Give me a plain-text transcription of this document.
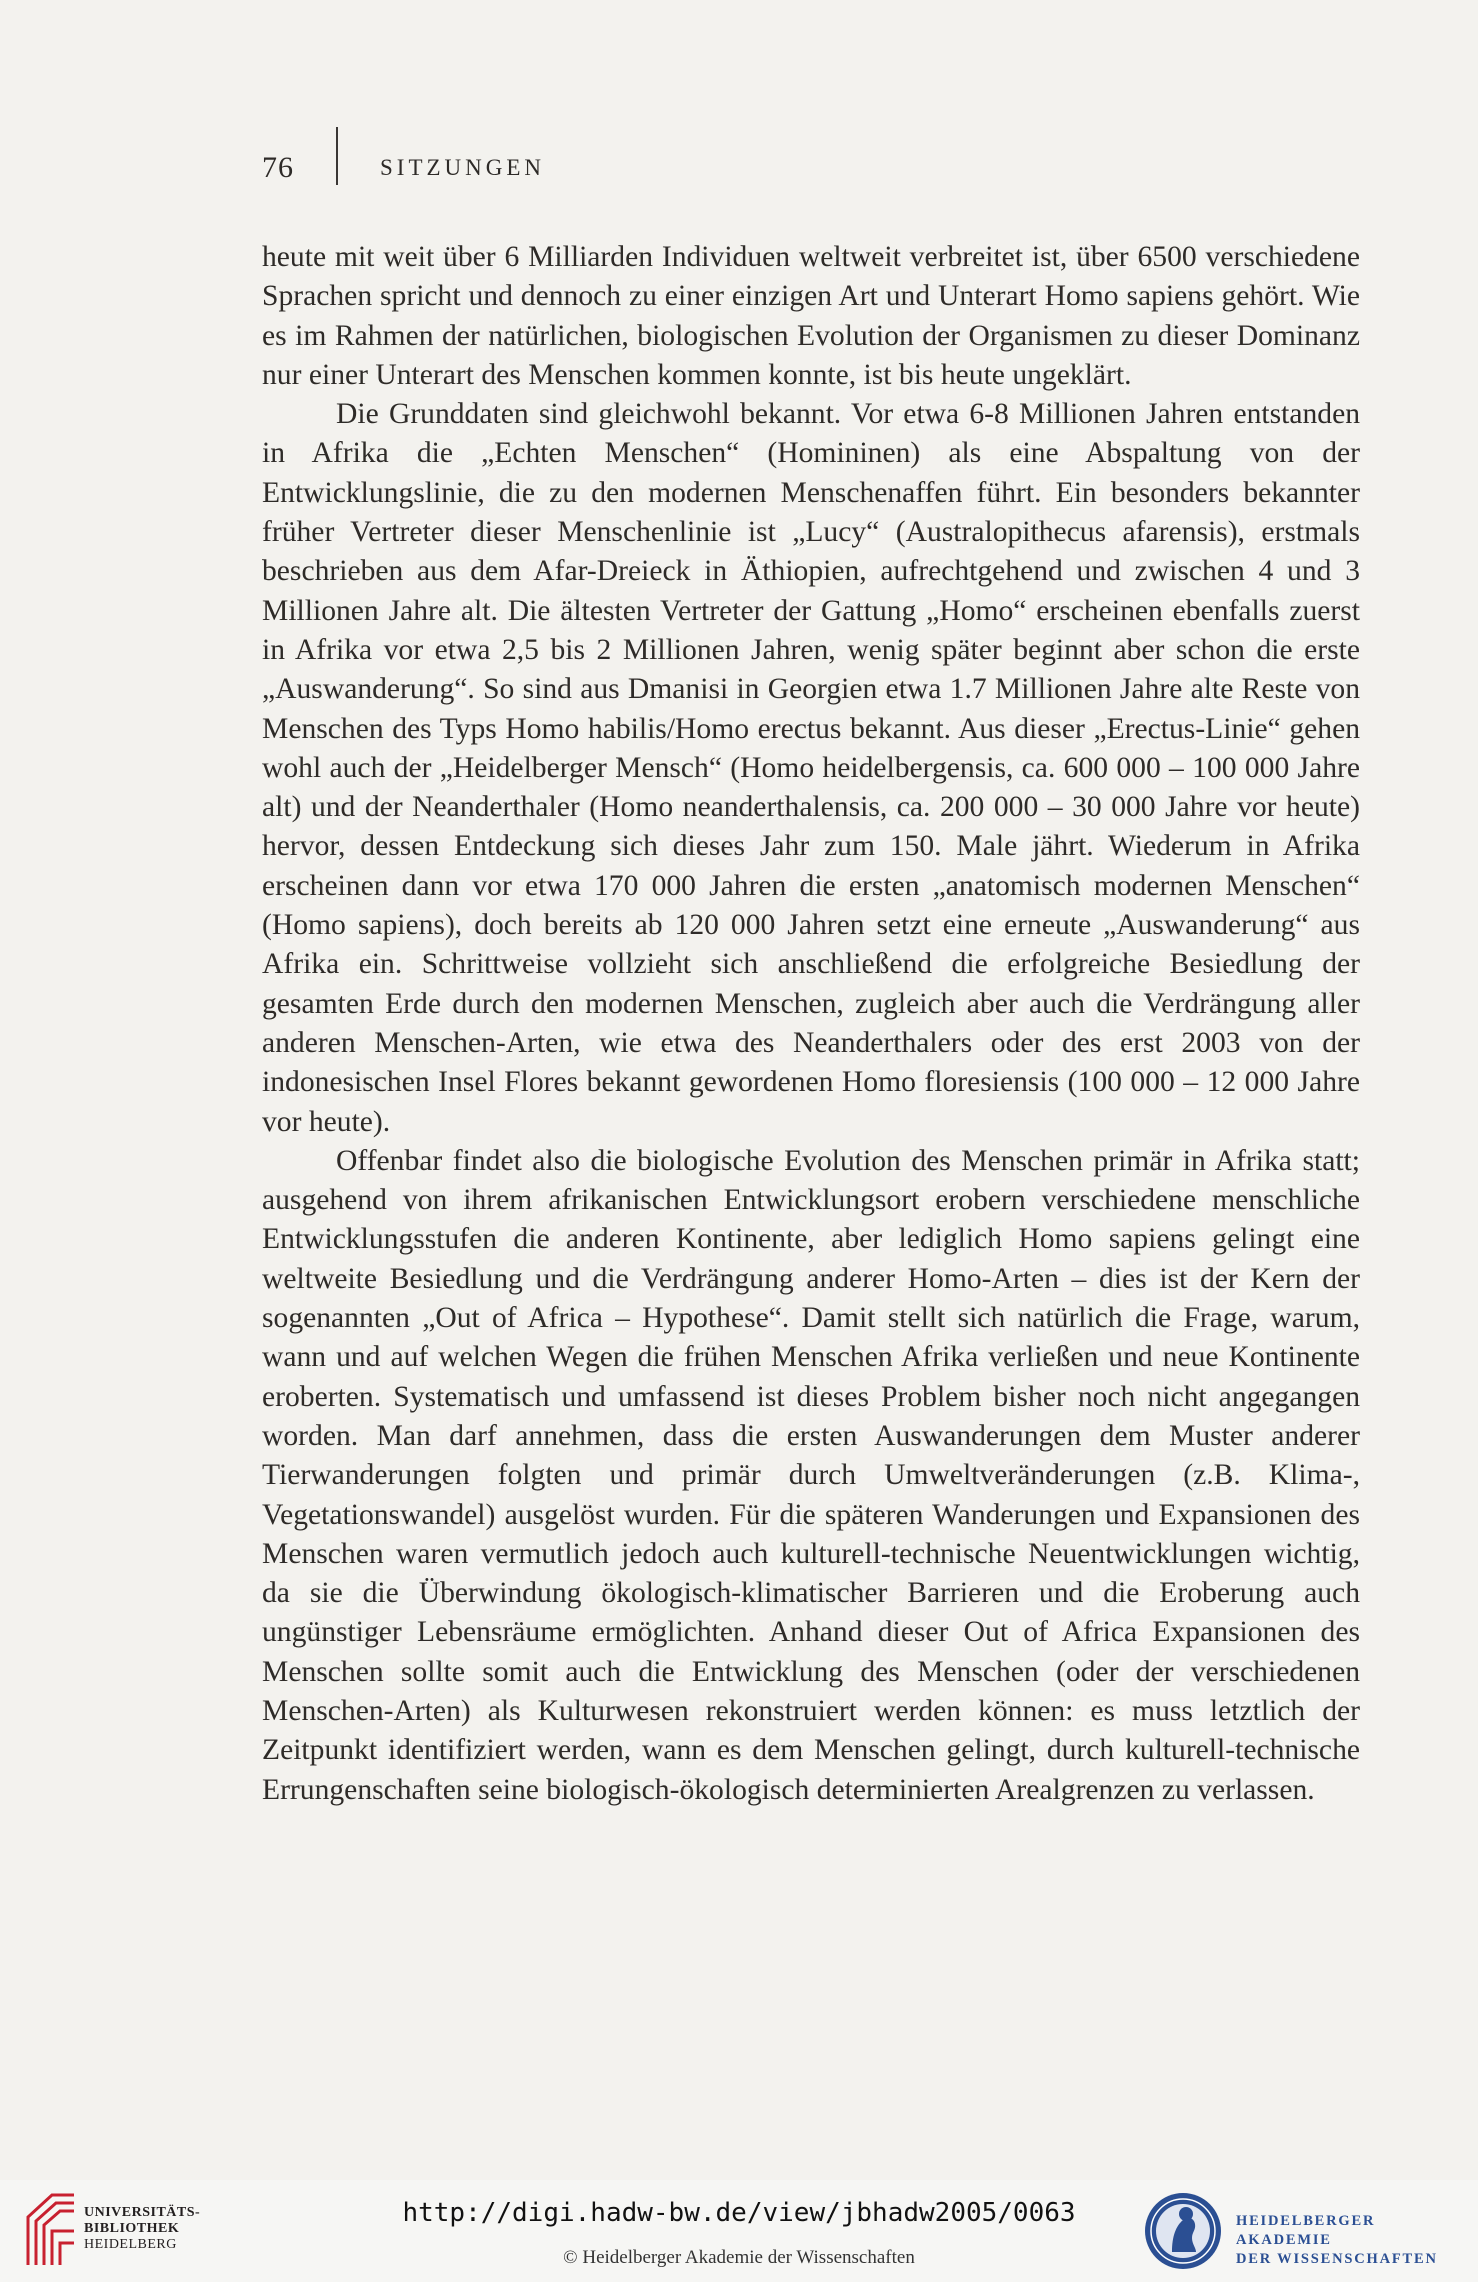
76	SITZUNGEN

heute mit weit über 6 Milliarden Individuen weltweit verbreitet ist, über 6500 verschiedene Sprachen spricht und dennoch zu einer einzigen Art und Unterart Homo sapiens gehört. Wie es im Rahmen der natürlichen, biologischen Evolution der Organismen zu dieser Dominanz nur einer Unterart des Menschen kommen konnte, ist bis heute ungeklärt.

Die Grunddaten sind gleichwohl bekannt. Vor etwa 6-8 Millionen Jahren entstanden in Afrika die „Echten Menschen“ (Homininen) als eine Abspaltung von der Entwicklungslinie, die zu den modernen Menschenaffen führt. Ein besonders bekannter früher Vertreter dieser Menschenlinie ist „Lucy“ (Australopithecus afarensis), erstmals beschrieben aus dem Afar-Dreieck in Äthiopien, aufrechtgehend und zwischen 4 und 3 Millionen Jahre alt. Die ältesten Vertreter der Gattung „Homo“ erscheinen ebenfalls zuerst in Afrika vor etwa 2,5 bis 2 Millionen Jahren, wenig später beginnt aber schon die erste „Auswanderung“. So sind aus Dmanisi in Georgien etwa 1.7 Millionen Jahre alte Reste von Menschen des Typs Homo habilis/Homo erectus bekannt. Aus dieser „Erectus-Linie“ gehen wohl auch der „Heidelberger Mensch“ (Homo heidelbergensis, ca. 600 000 – 100 000 Jahre alt) und der Neanderthaler (Homo neanderthalensis, ca. 200 000 – 30 000 Jahre vor heute) hervor, dessen Entdeckung sich dieses Jahr zum 150. Male jährt. Wiederum in Afrika erscheinen dann vor etwa 170 000 Jahren die ersten „anatomisch modernen Menschen“ (Homo sapiens), doch bereits ab 120 000 Jahren setzt eine erneute „Auswanderung“ aus Afrika ein. Schrittweise vollzieht sich anschließend die erfolgreiche Besiedlung der gesamten Erde durch den modernen Menschen, zugleich aber auch die Verdrängung aller anderen Menschen-Arten, wie etwa des Neanderthalers oder des erst 2003 von der indonesischen Insel Flores bekannt gewordenen Homo floresiensis (100 000 – 12 000 Jahre vor heute).

Offenbar findet also die biologische Evolution des Menschen primär in Afrika statt; ausgehend von ihrem afrikanischen Entwicklungsort erobern verschiedene menschliche Entwicklungsstufen die anderen Kontinente, aber lediglich Homo sapiens gelingt eine weltweite Besiedlung und die Verdrängung anderer Homo-Arten – dies ist der Kern der sogenannten „Out of Africa – Hypothese“. Damit stellt sich natürlich die Frage, warum, wann und auf welchen Wegen die frühen Menschen Afrika verließen und neue Kontinente eroberten. Systematisch und umfassend ist dieses Problem bisher noch nicht angegangen worden. Man darf annehmen, dass die ersten Auswanderungen dem Muster anderer Tierwanderungen folgten und primär durch Umweltveränderungen (z.B. Klima-, Vegetationswandel) ausgelöst wurden. Für die späteren Wanderungen und Expansionen des Menschen waren vermutlich jedoch auch kulturell-technische Neuentwicklungen wichtig, da sie die Überwindung ökologisch-klimatischer Barrieren und die Eroberung auch ungünstiger Lebensräume ermöglichten. Anhand dieser Out of Africa Expansionen des Menschen sollte somit auch die Entwicklung des Menschen (oder der verschiedenen Menschen-Arten) als Kulturwesen rekonstruiert werden können: es muss letztlich der Zeitpunkt identifiziert werden, wann es dem Menschen gelingt, durch kulturell-technische Errungenschaften seine biologisch-ökologisch determinierten Arealgrenzen zu verlassen.

UNIVERSITÄTS-
BIBLIOTHEK
HEIDELBERG
http://digi.hadw-bw.de/view/jbhadw2005/0063
© Heidelberger Akademie der Wissenschaften
HEIDELBERGER AKADEMIE
DER WISSENSCHAFTEN
